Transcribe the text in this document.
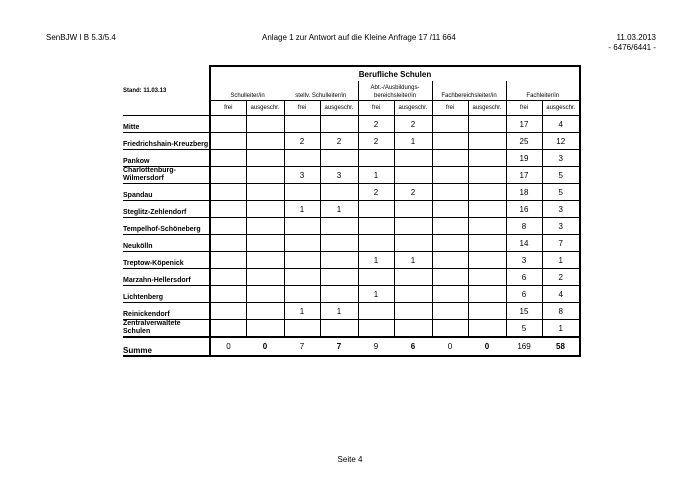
SenBJW I B 5.3/5.4	Anlage 1 zur Antwort auf die Kleine Anfrage 17 /11 664	11.03.2013
- 6476/6441 -
	Berufliche Schulen									
Stand: 11.03.13	Schulleiter/in		stellv. Schulleiter/in		Abt.-/Ausbildungs-bereichsleiter/in		Fachbereichsleiter/in		Fachleiter/in	
	frei	ausgeschr.	frei	ausgeschr.	frei	ausgeschr.	frei	ausgeschr.	frei	ausgeschr.
Mitte					2	2			17	4
Friedrichshain-Kreuzberg			2	2	2	1			25	12
Pankow									19	3
Charlottenburg-Wilmersdorf			3	3	1				17	5
Spandau					2	2			18	5
Steglitz-Zehlendorf			1	1					16	3
Tempelhof-Schöneberg									8	3
Neukölln									14	7
Treptow-Köpenick					1	1			3	1
Marzahn-Hellersdorf									6	2
Lichtenberg					1				6	4
Reinickendorf			1	1					15	8
Zentralverwaltete Schulen									5	1
Summe	0	0	7	7	9	6	0	0	169	58
Seite 4
